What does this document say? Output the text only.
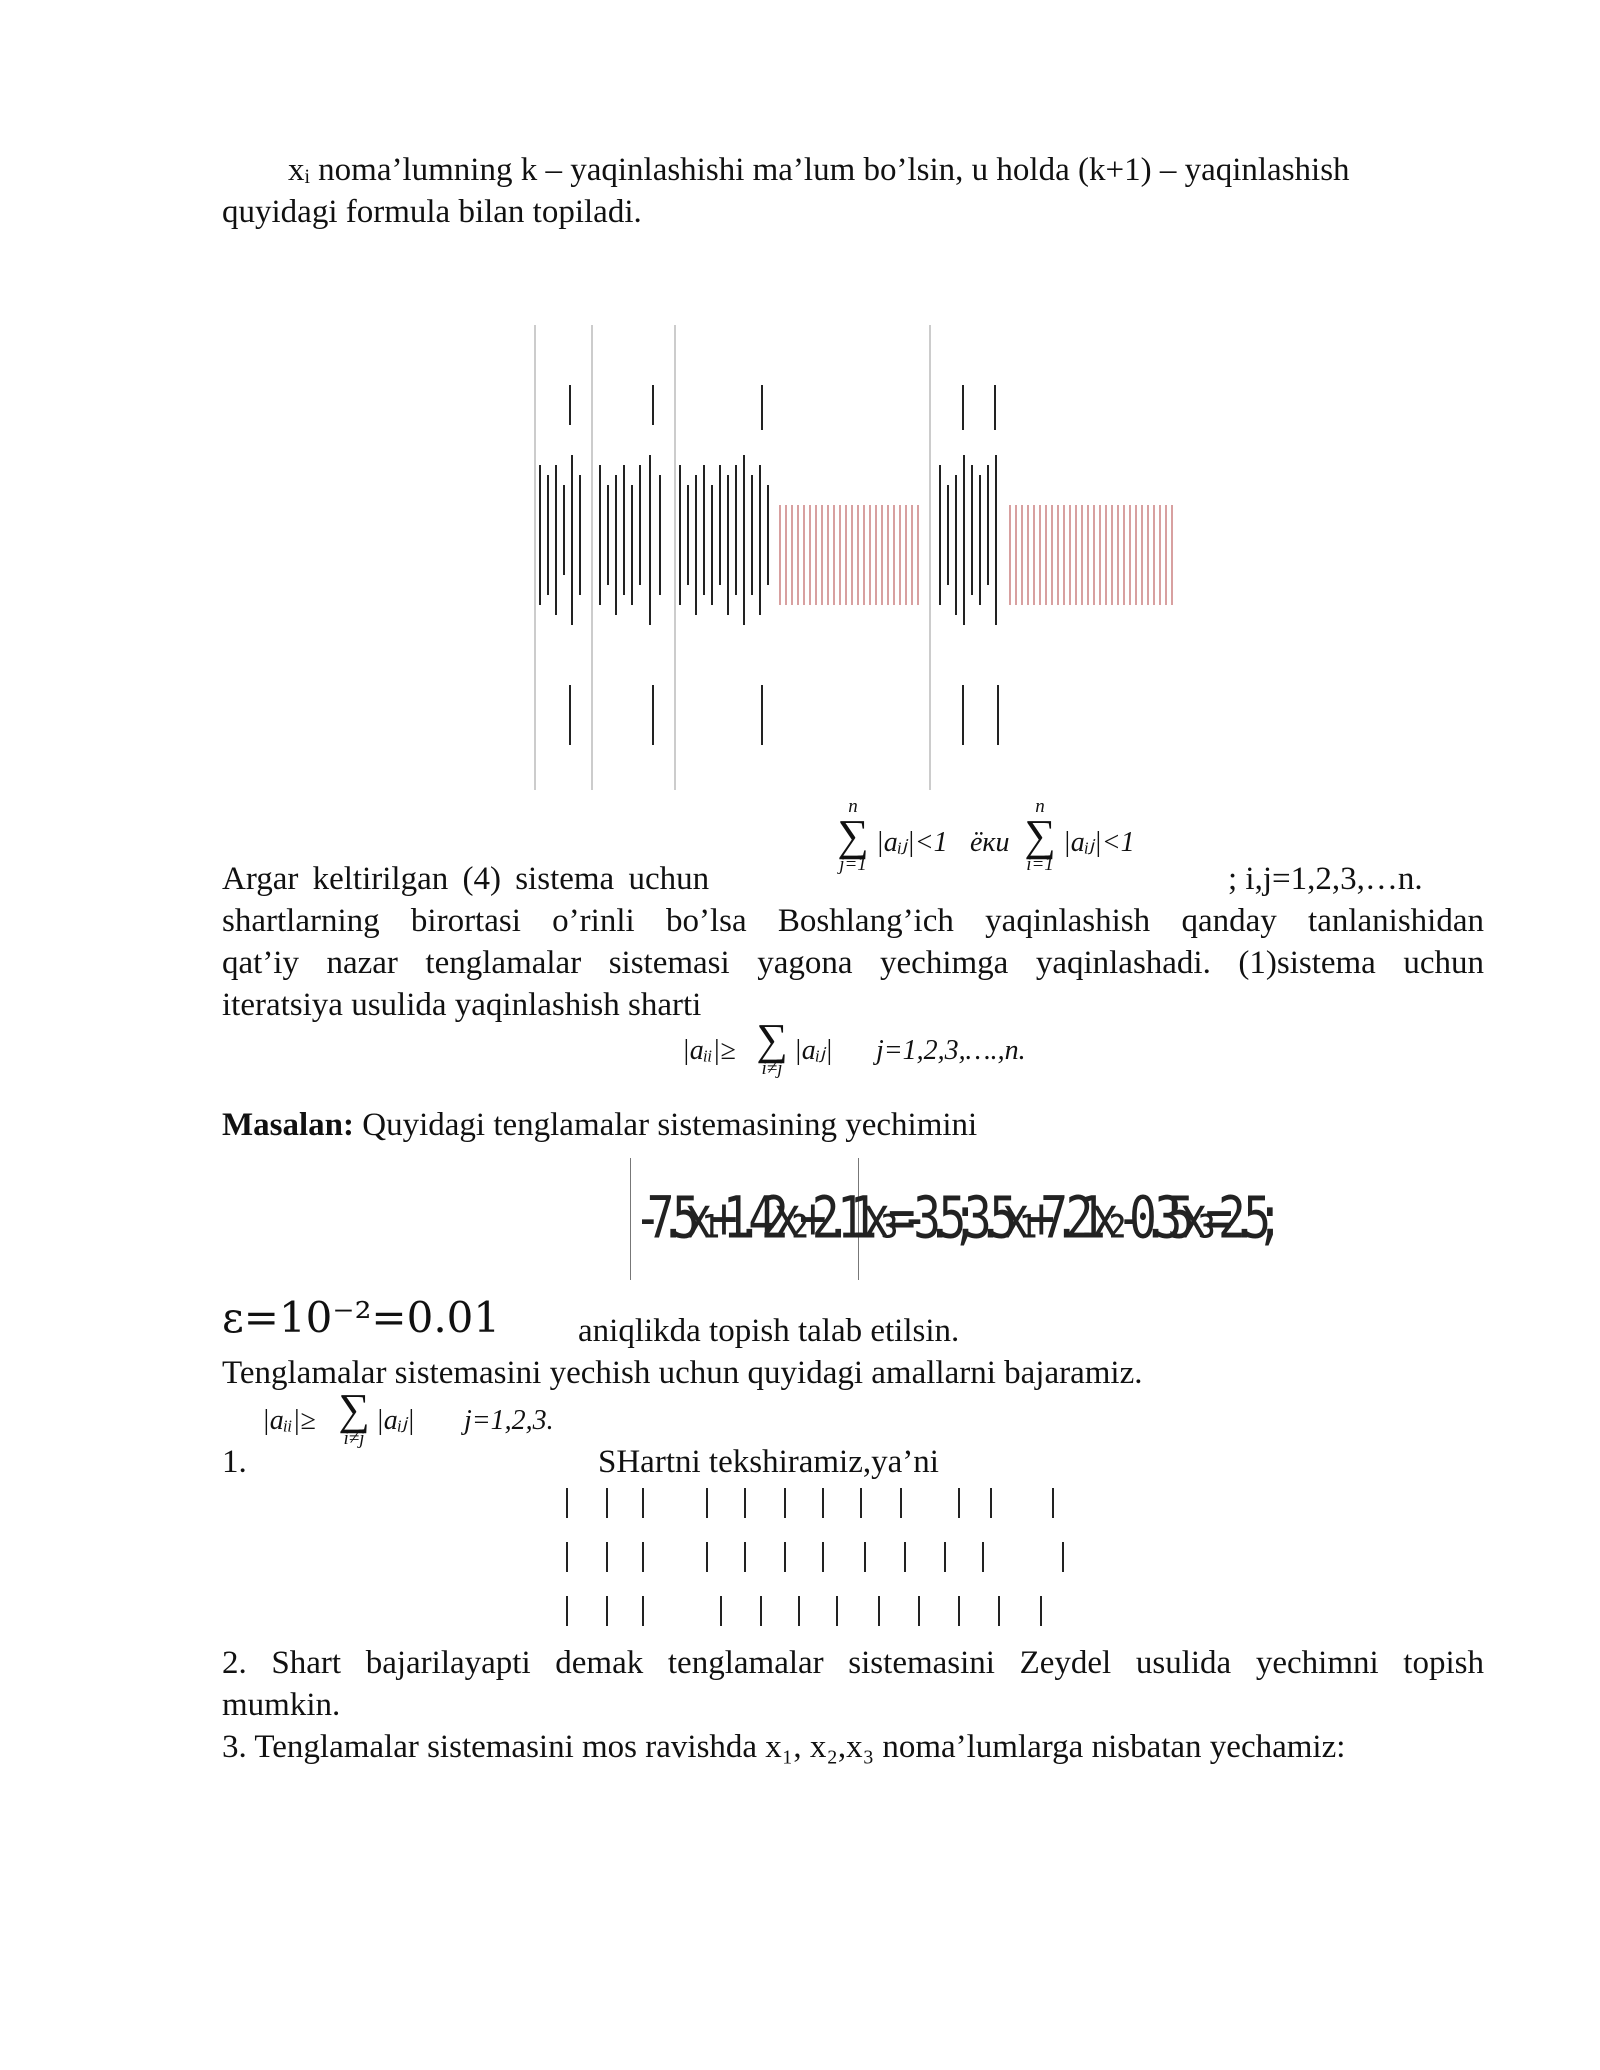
xᵢ noma’lumning k – yaqinlashishi ma’lum bo’lsin, u holda (k+1) – yaqinlashish
quyidagi formula bilan topiladi.
n
∑
j=1
|aᵢⱼ|<1 ёки
n
∑
i=1
|aᵢⱼ|<1
Argar keltirilgan (4) sistema uchun	; i,j=1,2,3,…n.
shartlarning birortasi o’rinli bo’lsa Boshlang’ich yaqinlashish qanday tanlanishidan
qat’iy nazar tenglamalar sistemasi yagona yechimga yaqinlashadi. (1)sistema uchun
iteratsiya usulida yaqinlashish sharti
|aᵢᵢ|≥ ∑
i≠j
|aᵢⱼ| j=1,2,3,….,n.
Masalan: Quyidagi tenglamalar sistemasining yechimini
-7.5x₁+1.42x₂+2.11x₃=-3.5;3.5x₁+7.21x₂-0.35x₃=2.5;
ε=10⁻²=0.01 aniqlikda topish talab etilsin.
Tenglamalar sistemasini yechish uchun quyidagi amallarni bajaramiz.
|aᵢᵢ|≥ ∑
i≠j
|aᵢⱼ| j=1,2,3.
1.	SHartni tekshiramiz,ya’ni
2. Shart bajarilayapti demak tenglamalar sistemasini Zeydel usulida yechimni topish
mumkin.
3. Tenglamalar sistemasini mos ravishda x₁, x₂,x₃ noma’lumlarga nisbatan yechamiz:
